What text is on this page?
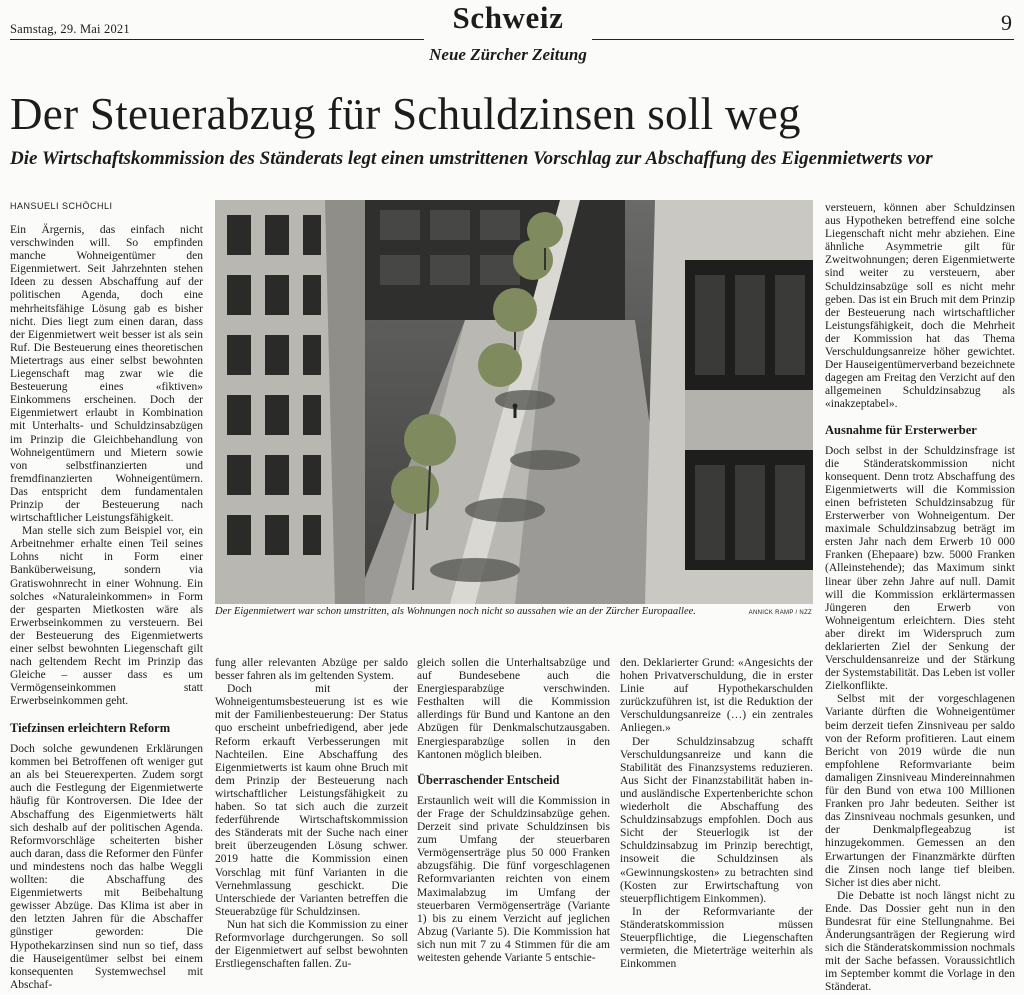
Samstag, 29. Mai 2021	Schweiz
Neue Zürcher Zeitung
9
Der Steuerabzug für Schuldzinsen soll weg
Die Wirtschaftskommission des Ständerats legt einen umstrittenen Vorschlag zur Abschaffung des Eigenmietwerts vor
HANSUELI SCHÖCHLI

Ein Ärgernis, das einfach nicht verschwinden will. So empfinden manche Wohneigentümer den Eigenmietwert. Seit Jahrzehnten stehen Ideen zu dessen Abschaffung auf der politischen Agenda, doch eine mehrheitsfähige Lösung gab es bisher nicht. Dies liegt zum einen daran, dass der Eigenmietwert weit besser ist als sein Ruf. Die Besteuerung eines theoretischen Mietertrags aus einer selbst bewohnten Liegenschaft mag zwar wie die Besteuerung eines «fiktiven» Einkommens erscheinen. Doch der Eigenmietwert erlaubt in Kombination mit Unterhalts- und Schuldzinsabzügen im Prinzip die Gleichbehandlung von Wohneigentümern und Mietern sowie von selbstfinanzierten und fremdfinanzierten Wohneigentümern. Das entspricht dem fundamentalen Prinzip der Besteuerung nach wirtschaftlicher Leistungsfähigkeit.

Man stelle sich zum Beispiel vor, ein Arbeitnehmer erhalte einen Teil seines Lohns nicht in Form einer Banküberweisung, sondern via Gratiswohnrecht in einer Wohnung. Ein solches «Naturaleinkommen» in Form der gesparten Mietkosten wäre als Erwerbseinkommen zu versteuern. Bei der Besteuerung des Eigenmietwerts einer selbst bewohnten Liegenschaft gilt nach geltendem Recht im Prinzip das Gleiche – ausser dass es um Vermögenseinkommen statt Erwerbseinkommen geht.

Tiefzinsen erleichtern Reform

Doch solche gewundenen Erklärungen kommen bei Betroffenen oft weniger gut an als bei Steuerexperten. Zudem sorgt auch die Festlegung der Eigenmietwerte häufig für Kontroversen. Die Idee der Abschaffung des Eigenmietwerts hält sich deshalb auf der politischen Agenda. Reformvorschläge scheiterten bisher auch daran, dass die Reformer den Fünfer und mindestens noch das halbe Weggli wollten: die Abschaffung des Eigenmietwerts mit Beibehaltung gewisser Abzüge. Das Klima ist aber in den letzten Jahren für die Abschaffer günstiger geworden: Die Hypothekarzinsen sind nun so tief, dass die Hauseigentümer selbst bei einem konsequenten Systemwechsel mit Abschaf-

Der Eigenmietwert war schon umstritten, als Wohnungen noch nicht so aussahen wie an der Zürcher Europaallee.	ANNICK RAMP / NZZ

fung aller relevanten Abzüge per saldo besser fahren als im geltenden System.

Doch mit der Wohneigentumsbesteuerung ist es wie mit der Familienbesteuerung: Der Status quo erscheint unbefriedigend, aber jede Reform erkauft Verbesserungen mit Nachteilen. Eine Abschaffung des Eigenmietwerts ist kaum ohne Bruch mit dem Prinzip der Besteuerung nach wirtschaftlicher Leistungsfähigkeit zu haben. So tat sich auch die zurzeit federführende Wirtschaftskommission des Ständerats mit der Suche nach einer breit überzeugenden Lösung schwer. 2019 hatte die Kommission einen Vorschlag mit fünf Varianten in die Vernehmlassung geschickt. Die Unterschiede der Varianten betreffen die Steuerabzüge für Schuldzinsen.

Nun hat sich die Kommission zu einer Reformvorlage durchgerungen. So soll der Eigenmietwert auf selbst bewohnten Erstliegenschaften fallen. Zu-

gleich sollen die Unterhaltsabzüge und auf Bundesebene auch die Energiesparabzüge verschwinden. Festhalten will die Kommission allerdings für Bund und Kantone an den Abzügen für Denkmalschutzausgaben. Energiesparabzüge sollen in den Kantonen möglich bleiben.

Überraschender Entscheid

Erstaunlich weit will die Kommission in der Frage der Schuldzinsabzüge gehen. Derzeit sind private Schuldzinsen bis zum Umfang der steuerbaren Vermögenserträge plus 50 000 Franken abzugsfähig. Die fünf vorgeschlagenen Reformvarianten reichten von einem Maximalabzug im Umfang der steuerbaren Vermögenserträge (Variante 1) bis zu einem Verzicht auf jeglichen Abzug (Variante 5). Die Kommission hat sich nun mit 7 zu 4 Stimmen für die am weitesten gehende Variante 5 entschie-

den. Deklarierter Grund: «Angesichts der hohen Privatverschuldung, die in erster Linie auf Hypothekarschulden zurückzuführen ist, ist die Reduktion der Verschuldungsanreize (…) ein zentrales Anliegen.»

Der Schuldzinsabzug schafft Verschuldungsanreize und kann die Stabilität des Finanzsystems reduzieren. Aus Sicht der Finanzstabilität haben in- und ausländische Expertenberichte schon wiederholt die Abschaffung des Schuldzinsabzugs empfohlen. Doch aus Sicht der Steuerlogik ist der Schuldzinsabzug im Prinzip berechtigt, insoweit die Schuldzinsen als «Gewinnungskosten» zu betrachten sind (Kosten zur Erwirtschaftung von steuerpflichtigem Einkommen).

In der Reformvariante der Ständeratskommission müssen Steuerpflichtige, die Liegenschaften vermieten, die Mieterträge weiterhin als Einkommen

versteuern, können aber Schuldzinsen aus Hypotheken betreffend eine solche Liegenschaft nicht mehr abziehen. Eine ähnliche Asymmetrie gilt für Zweitwohnungen; deren Eigenmietwerte sind weiter zu versteuern, aber Schuldzinsabzüge soll es nicht mehr geben. Das ist ein Bruch mit dem Prinzip der Besteuerung nach wirtschaftlicher Leistungsfähigkeit, doch die Mehrheit der Kommission hat das Thema Verschuldungsanreize höher gewichtet. Der Hauseigentümerverband bezeichnete dagegen am Freitag den Verzicht auf den allgemeinen Schuldzinsabzug als «inakzeptabel».

Ausnahme für Ersterwerber

Doch selbst in der Schuldzinsfrage ist die Ständeratskommission nicht konsequent. Denn trotz Abschaffung des Eigenmietwerts will die Kommission einen befristeten Schuldzinsabzug für Ersterwerber von Wohneigentum. Der maximale Schuldzinsabzug beträgt im ersten Jahr nach dem Erwerb 10 000 Franken (Ehepaare) bzw. 5000 Franken (Alleinstehende); das Maximum sinkt linear über zehn Jahre auf null. Damit will die Kommission erklärtermassen Jüngeren den Erwerb von Wohneigentum erleichtern. Dies steht aber direkt im Widerspruch zum deklarierten Ziel der Senkung der Verschuldensanreize und der Stärkung der Systemstabilität. Das Leben ist voller Zielkonflikte.

Selbst mit der vorgeschlagenen Variante dürften die Wohneigentümer beim derzeit tiefen Zinsniveau per saldo von der Reform profitieren. Laut einem Bericht von 2019 würde die nun empfohlene Reformvariante beim damaligen Zinsniveau Mindereinnahmen für den Bund von etwa 100 Millionen Franken pro Jahr bedeuten. Seither ist das Zinsniveau nochmals gesunken, und der Denkmalpflegeabzug ist hinzugekommen. Gemessen an den Erwartungen der Finanzmärkte dürften die Zinsen noch lange tief bleiben. Sicher ist dies aber nicht.

Die Debatte ist noch längst nicht zu Ende. Das Dossier geht nun in den Bundesrat für eine Stellungnahme. Bei Änderungsanträgen der Regierung wird sich die Ständeratskommission nochmals mit der Sache befassen. Voraussichtlich im September kommt die Vorlage in den Ständerat.
